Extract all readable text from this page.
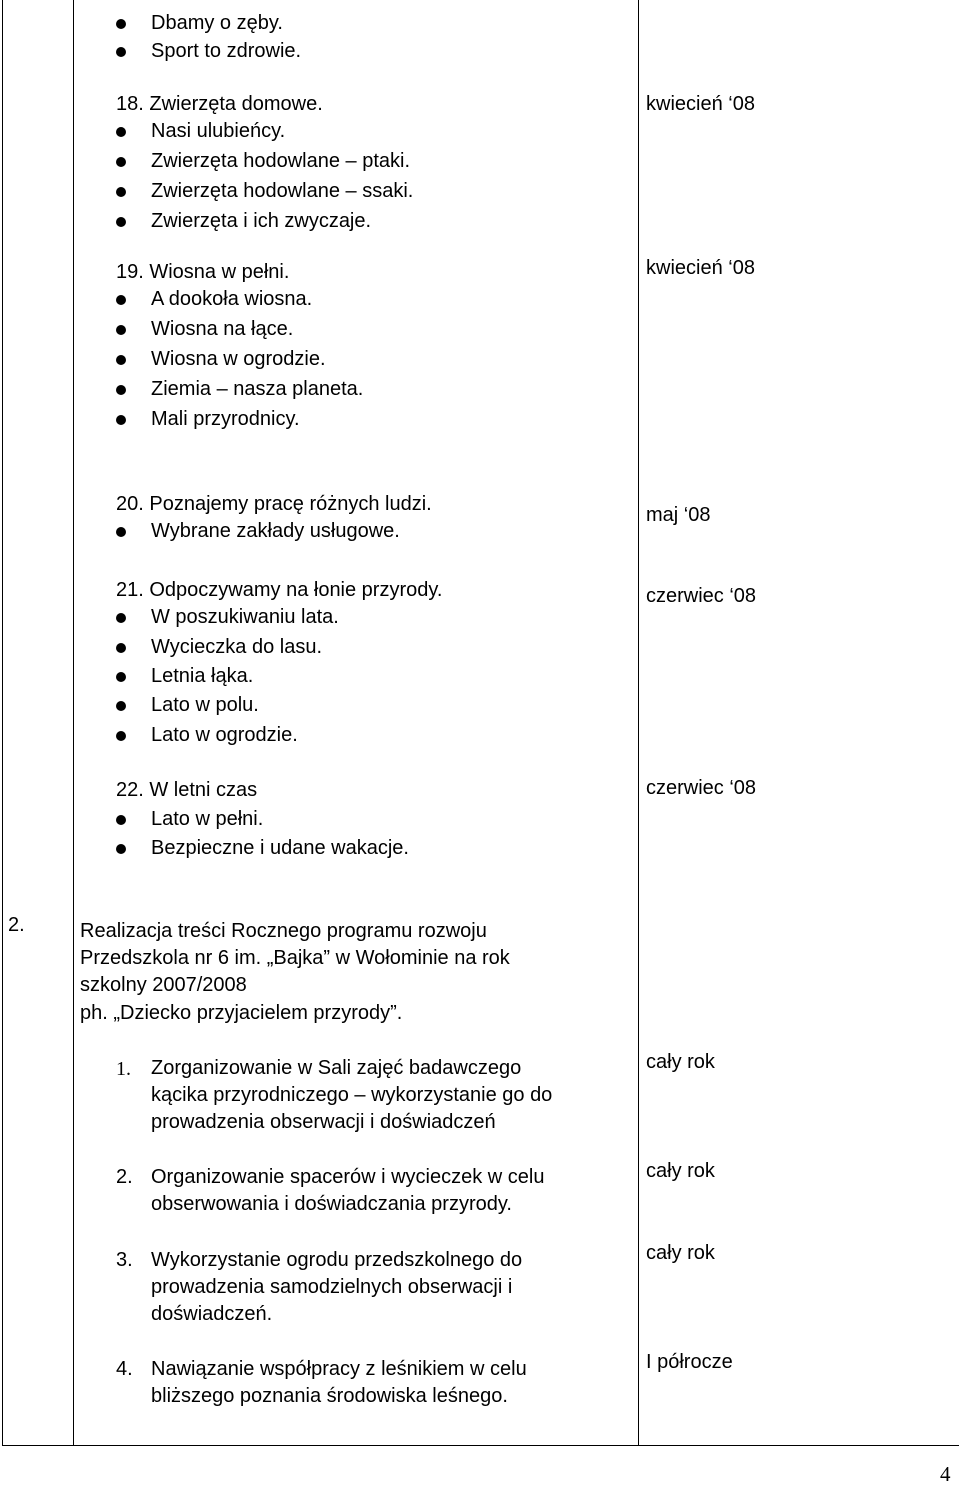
Dbamy o zęby.
Sport to zdrowie.
18. Zwierzęta domowe.
Nasi ulubieńcy.
Zwierzęta hodowlane – ptaki.
Zwierzęta hodowlane – ssaki.
Zwierzęta i ich zwyczaje.
kwiecień ‘08
19. Wiosna w pełni.
A dookoła wiosna.
Wiosna na łące.
Wiosna w ogrodzie.
Ziemia – nasza planeta.
Mali przyrodnicy.
kwiecień ‘08
20. Poznajemy pracę różnych ludzi.
Wybrane zakłady usługowe.
maj ‘08
21. Odpoczywamy na łonie przyrody.
W poszukiwaniu lata.
Wycieczka do lasu.
Letnia łąka.
Lato w polu.
Lato w ogrodzie.
czerwiec ‘08
22. W letni czas
Lato w pełni.
Bezpieczne i udane wakacje.
czerwiec ‘08
2.	Realizacja treści Rocznego programu rozwoju
Przedszkola nr 6 im. „Bajka” w Wołominie na rok
szkolny 2007/2008
ph. „Dziecko przyjacielem przyrody”.
1. Zorganizowanie w Sali zajęć badawczego
kącika przyrodniczego – wykorzystanie go do
prowadzenia obserwacji i doświadczeń
cały rok
2. Organizowanie spacerów i wycieczek w celu
obserwowania i doświadczania przyrody.
cały rok
3. Wykorzystanie ogrodu przedszkolnego do
prowadzenia samodzielnych obserwacji i
doświadczeń.
cały rok
4. Nawiązanie współpracy z leśnikiem w celu
bliższego poznania środowiska leśnego.
I półrocze
4
